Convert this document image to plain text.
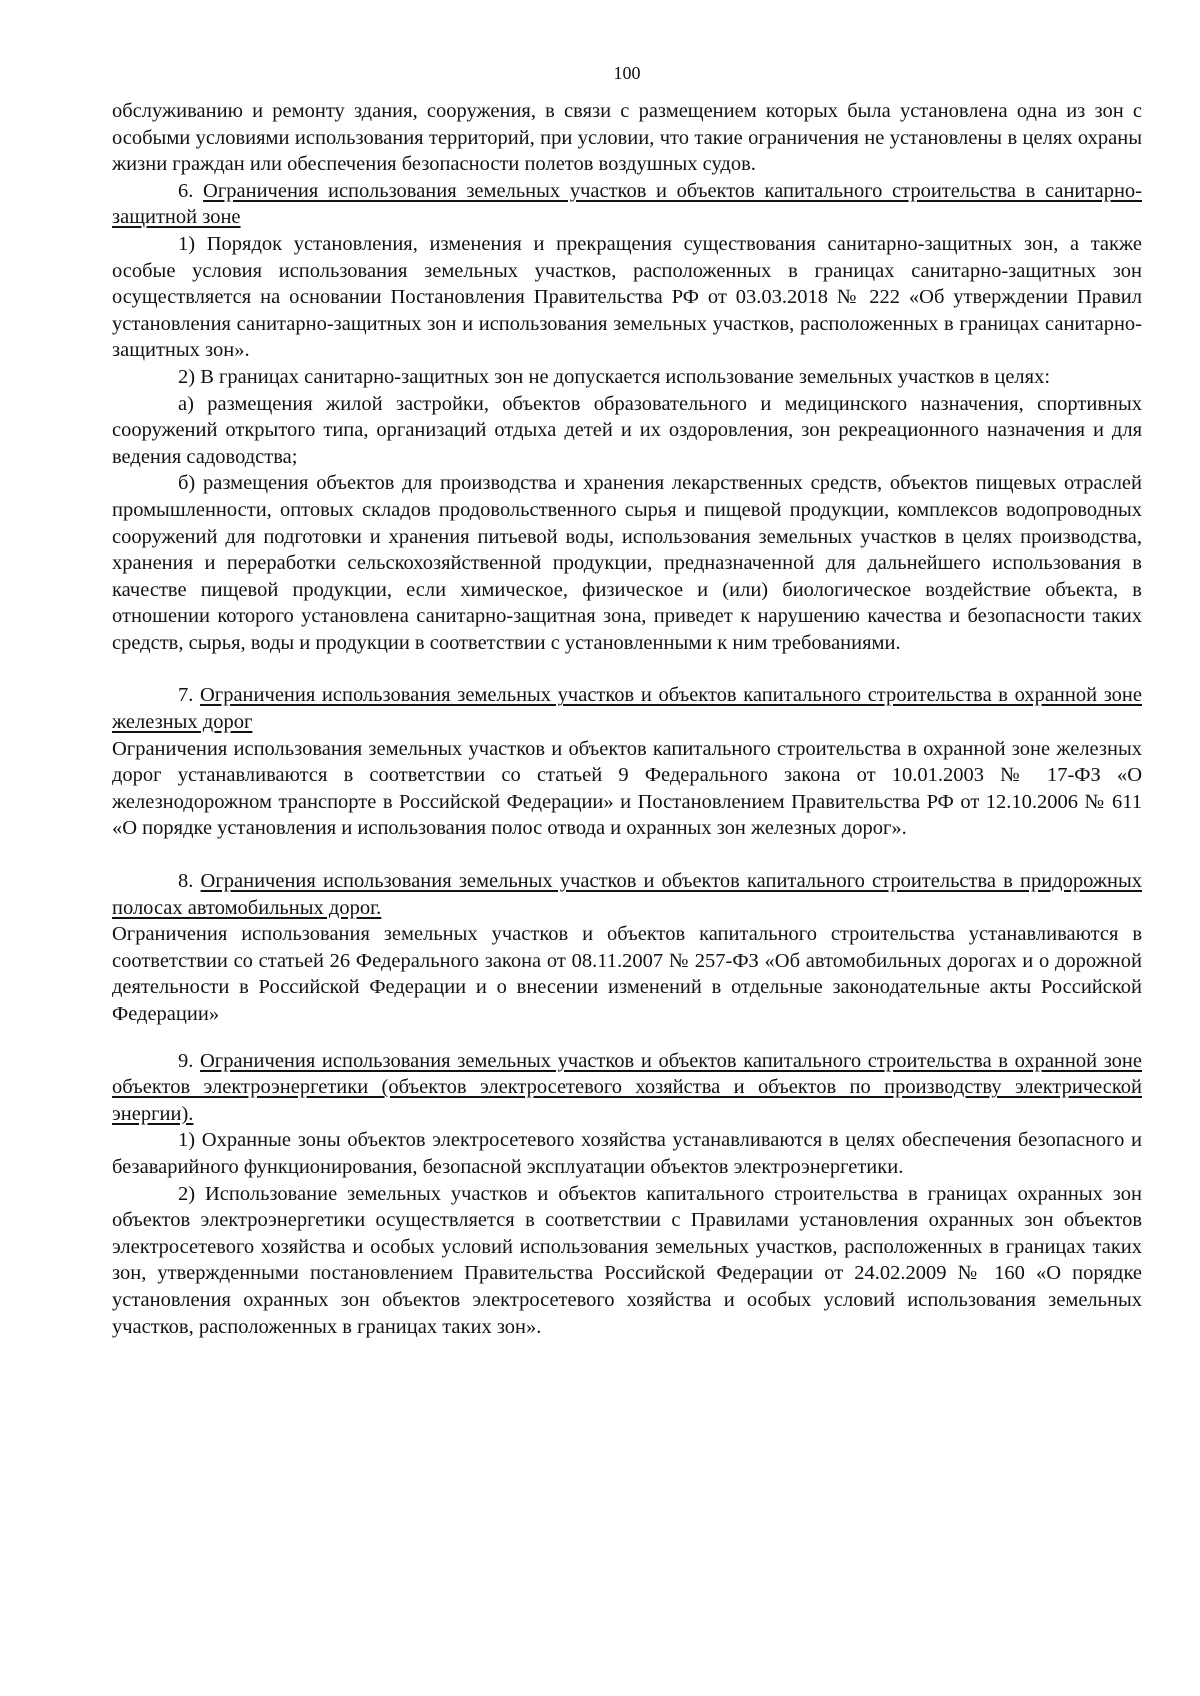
100

обслуживанию и ремонту здания, сооружения, в связи с размещением которых была установлена одна из зон с особыми условиями использования территорий, при условии, что такие ограничения не установлены в целях охраны жизни граждан или обеспечения безопасности полетов воздушных судов.

6. Ограничения использования земельных участков и объектов капитального строительства в санитарно-защитной зоне

1) Порядок установления, изменения и прекращения существования санитарно-защитных зон, а также особые условия использования земельных участков, расположенных в границах санитарно-защитных зон осуществляется на основании Постановления Правительства РФ от 03.03.2018 № 222 «Об утверждении Правил установления санитарно-защитных зон и использования земельных участков, расположенных в границах санитарно-защитных зон».

2) В границах санитарно-защитных зон не допускается использование земельных участков в целях:

а) размещения жилой застройки, объектов образовательного и медицинского назначения, спортивных сооружений открытого типа, организаций отдыха детей и их оздоровления, зон рекреационного назначения и для ведения садоводства;

б) размещения объектов для производства и хранения лекарственных средств, объектов пищевых отраслей промышленности, оптовых складов продовольственного сырья и пищевой продукции, комплексов водопроводных сооружений для подготовки и хранения питьевой воды, использования земельных участков в целях производства, хранения и переработки сельскохозяйственной продукции, предназначенной для дальнейшего использования в качестве пищевой продукции, если химическое, физическое и (или) биологическое воздействие объекта, в отношении которого установлена санитарно-защитная зона, приведет к нарушению качества и безопасности таких средств, сырья, воды и продукции в соответствии с установленными к ним требованиями.

7. Ограничения использования земельных участков и объектов капитального строительства в охранной зоне железных дорог

Ограничения использования земельных участков и объектов капитального строительства в охранной зоне железных дорог устанавливаются в соответствии со статьей 9 Федерального закона от 10.01.2003 № 17-ФЗ «О железнодорожном транспорте в Российской Федерации» и Постановлением Правительства РФ от 12.10.2006 № 611 «О порядке установления и использования полос отвода и охранных зон железных дорог».

8. Ограничения использования земельных участков и объектов капитального строительства в придорожных полосах автомобильных дорог.

Ограничения использования земельных участков и объектов капитального строительства устанавливаются в соответствии со статьей 26 Федерального закона от 08.11.2007 № 257-ФЗ «Об автомобильных дорогах и о дорожной деятельности в Российской Федерации и о внесении изменений в отдельные законодательные акты Российской Федерации»

9. Ограничения использования земельных участков и объектов капитального строительства в охранной зоне объектов электроэнергетики (объектов электросетевого хозяйства и объектов по производству электрической энергии).

1) Охранные зоны объектов электросетевого хозяйства устанавливаются в целях обеспечения безопасного и безаварийного функционирования, безопасной эксплуатации объектов электроэнергетики.

2) Использование земельных участков и объектов капитального строительства в границах охранных зон объектов электроэнергетики осуществляется в соответствии с Правилами установления охранных зон объектов электросетевого хозяйства и особых условий использования земельных участков, расположенных в границах таких зон, утвержденными постановлением Правительства Российской Федерации от 24.02.2009 № 160 «О порядке установления охранных зон объектов электросетевого хозяйства и особых условий использования земельных участков, расположенных в границах таких зон».
